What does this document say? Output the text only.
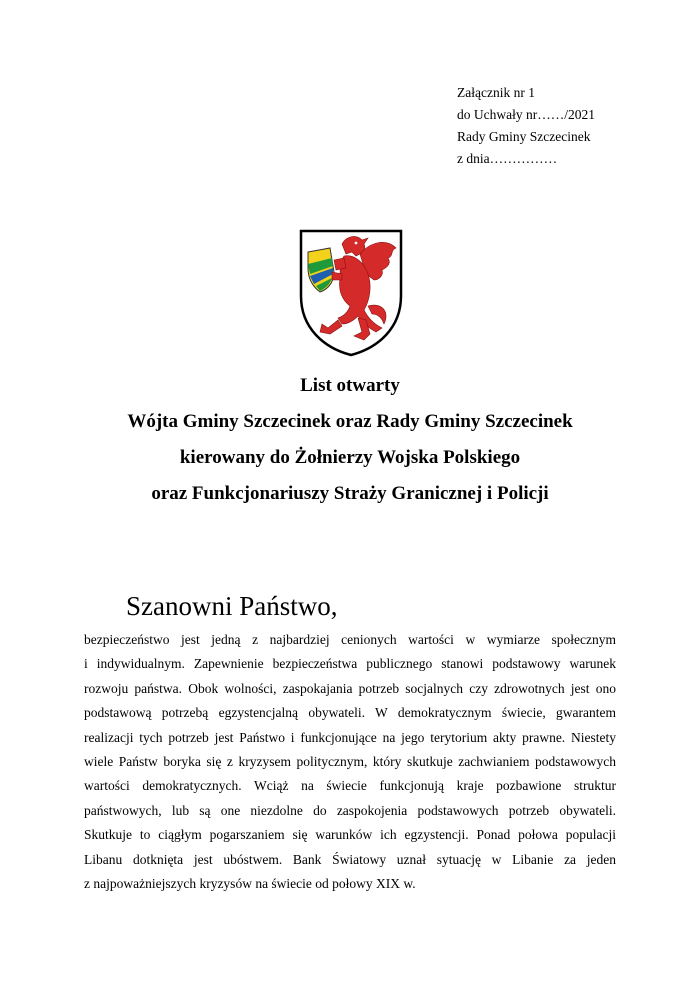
Załącznik nr 1
do Uchwały nr……/2021
Rady Gminy Szczecinek
z dnia……………
List otwarty
Wójta Gminy Szczecinek oraz Rady Gminy Szczecinek
kierowany do Żołnierzy Wojska Polskiego
oraz Funkcjonariuszy Straży Granicznej i Policji
Szanowni Państwo,
bezpieczeństwo jest jedną z najbardziej cenionych wartości w wymiarze społecznym
i indywidualnym. Zapewnienie bezpieczeństwa publicznego stanowi podstawowy warunek
rozwoju państwa. Obok wolności, zaspokajania potrzeb socjalnych czy zdrowotnych jest ono
podstawową potrzebą egzystencjalną obywateli. W demokratycznym świecie, gwarantem
realizacji tych potrzeb jest Państwo i funkcjonujące na jego terytorium akty prawne. Niestety
wiele Państw boryka się z kryzysem politycznym, który skutkuje zachwianiem podstawowych
wartości demokratycznych. Wciąż na świecie funkcjonują kraje pozbawione struktur
państwowych, lub są one niezdolne do zaspokojenia podstawowych potrzeb obywateli.
Skutkuje to ciągłym pogarszaniem się warunków ich egzystencji. Ponad połowa populacji
Libanu dotknięta jest ubóstwem. Bank Światowy uznał sytuację w Libanie za jeden
z najpoważniejszych kryzysów na świecie od połowy XIX w.
